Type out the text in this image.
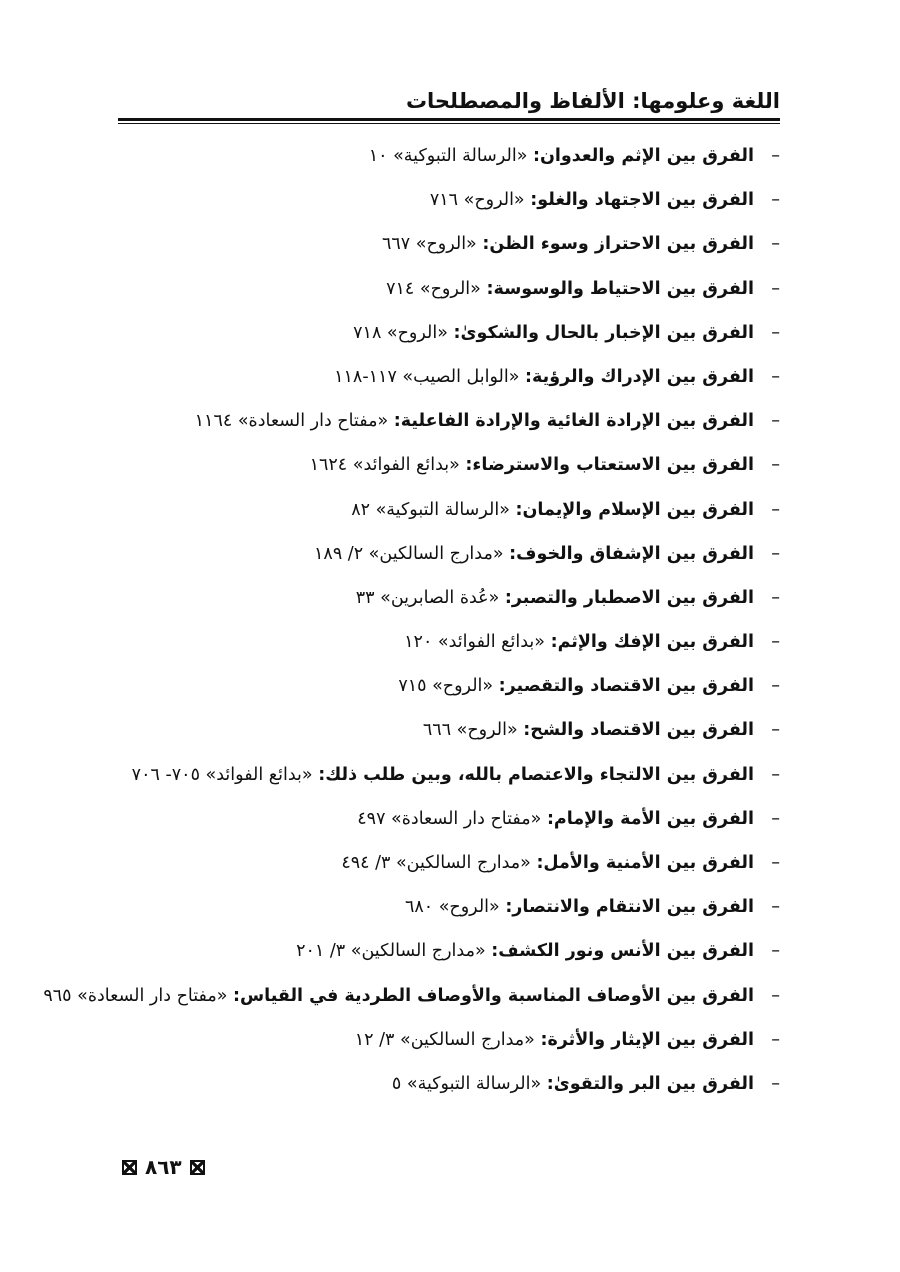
اللغة وعلومها: الألفاظ والمصطلحات
–الفرق بين الإثم والعدوان: «الرسالة التبوكية» ١٠
–الفرق بين الاجتهاد والغلو: «الروح» ٧١٦
–الفرق بين الاحتراز وسوء الظن: «الروح» ٦٦٧
–الفرق بين الاحتياط والوسوسة: «الروح» ٧١٤
–الفرق بين الإخبار بالحال والشكوىٰ: «الروح» ٧١٨
–الفرق بين الإدراك والرؤية: «الوابل الصيب» ١١٧-١١٨
–الفرق بين الإرادة الغائية والإرادة الفاعلية: «مفتاح دار السعادة» ١١٦٤
–الفرق بين الاستعتاب والاسترضاء: «بدائع الفوائد» ١٦٢٤
–الفرق بين الإسلام والإيمان: «الرسالة التبوكية» ٨٢
–الفرق بين الإشفاق والخوف: «مدارج السالكين» ٢/ ١٨٩
–الفرق بين الاصطبار والتصبر: «عُدة الصابرين» ٣٣
–الفرق بين الإفك والإثم: «بدائع الفوائد» ١٢٠
–الفرق بين الاقتصاد والتقصير: «الروح» ٧١٥
–الفرق بين الاقتصاد والشح: «الروح» ٦٦٦
–الفرق بين الالتجاء والاعتصام بالله، وبين طلب ذلك: «بدائع الفوائد» ٧٠٥- ٧٠٦
–الفرق بين الأمة والإمام: «مفتاح دار السعادة» ٤٩٧
–الفرق بين الأمنية والأمل: «مدارج السالكين» ٣/ ٤٩٤
–الفرق بين الانتقام والانتصار: «الروح» ٦٨٠
–الفرق بين الأنس ونور الكشف: «مدارج السالكين» ٣/ ٢٠١
–الفرق بين الأوصاف المناسبة والأوصاف الطردية في القياس: «مفتاح دار السعادة» ٩٦٥
–الفرق بين الإيثار والأثرة: «مدارج السالكين» ٣/ ١٢
–الفرق بين البر والتقوىٰ: «الرسالة التبوكية» ٥
٨٦٣
